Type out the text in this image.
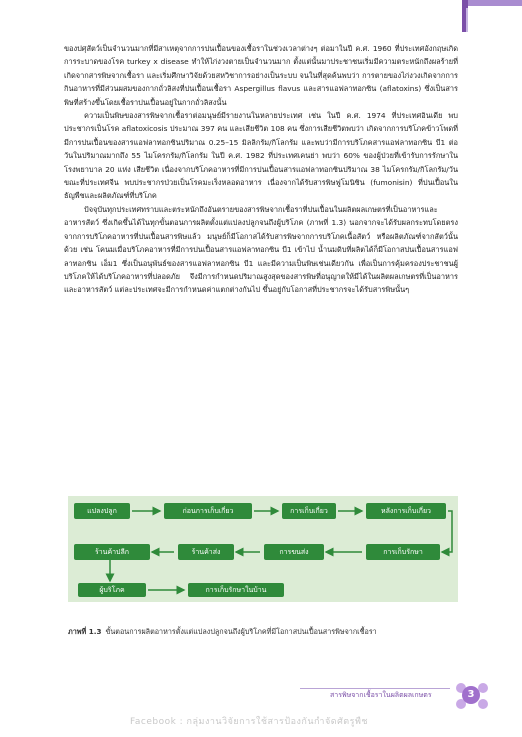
ของปศุสัตว์เป็นจำนวนมากที่มีสาเหตุจากการปนเปื้อนของเชื้อราในช่วงเวลาต่างๆ ต่อมาในปี ค.ศ. 1960 ที่ประเทศอังกฤษเกิดการระบาดของโรค turkey x disease ทำให้ไก่งวงตายเป็นจำนวนมาก ตั้งแต่นั้นมาประชาชนเริ่มมีความตระหนักถึงผลร้ายที่เกิดจากสารพิษจากเชื้อรา และเริ่มศึกษาวิจัยด้วยสหวิชาการอย่างเป็นระบบ จนในที่สุดค้นพบว่า การตายของไก่งวงเกิดจากการกินอาหารที่มีส่วนผสมของกากถั่วลิสงที่ปนเปื้อนเชื้อรา Aspergillus flavus และสารแอฟลาทอกซิน (aflatoxins) ซึ่งเป็นสารพิษที่สร้างขึ้นโดยเชื้อราปนเปื้อนอยู่ในกากถั่วลิสงนั้น

ความเป็นพิษของสารพิษจากเชื้อราต่อมนุษย์มีรายงานในหลายประเทศ เช่น ในปี ค.ศ. 1974 ที่ประเทศอินเดีย พบประชากรเป็นโรค aflatoxicosis ประมาณ 397 คน และเสียชีวิต 108 คน ซึ่งการเสียชีวิตพบว่า เกิดจากการบริโภคข้าวโพดที่มีการปนเปื้อนของสารแอฟลาทอกซินปริมาณ 0.25–15 มิลลิกรัม/กิโลกรัม และพบว่ามีการบริโภคสารแอฟลาทอกซิน บี1 ต่อวันในปริมาณมากถึง 55 ไมโครกรัม/กิโลกรัม ในปี ค.ศ. 1982 ที่ประเทศเคนย่า พบว่า 60% ของผู้ป่วยที่เข้ารับการรักษาในโรงพยาบาล 20 แห่ง เสียชีวิต เนื่องจากบริโภคอาหารที่มีการปนเปื้อนสารแอฟลาทอกซินปริมาณ 38 ไมโครกรัม/กิโลกรัม/วัน ขณะที่ประเทศจีน พบประชากรป่วยเป็นโรคมะเร็งหลอดอาหาร เนื่องจากได้รับสารพิษฟูโมนิซิน (fumonisin) ที่ปนเปื้อนในธัญพืชและผลิตภัณฑ์ที่บริโภค

ปัจจุบันทุกประเทศทราบและตระหนักถึงอันตรายของสารพิษจากเชื้อราที่ปนเปื้อนในผลิตผลเกษตรที่เป็นอาหารและอาหารสัตว์ ซึ่งเกิดขึ้นได้ในทุกขั้นตอนการผลิตตั้งแต่แปลงปลูกจนถึงผู้บริโภค (ภาพที่ 1.3) นอกจากจะได้รับผลกระทบโดยตรงจากการบริโภคอาหารที่ปนเปื้อนสารพิษแล้ว มนุษย์ก็มีโอกาสได้รับสารพิษจากการบริโภคเนื้อสัตว์ หรือผลิตภัณฑ์จากสัตว์นั้นด้วย เช่น โคนมเมื่อบริโภคอาหารที่มีการปนเปื้อนสารแอฟลาทอกซิน บี1 เข้าไป น้ำนมดิบที่ผลิตได้ก็มีโอกาสปนเปื้อนสารแอฟลาทอกซิน เอ็ม1 ซึ่งเป็นอนุพันธ์ของสารแอฟลาทอกซิน บี1 และมีความเป็นพิษเช่นเดียวกัน เพื่อเป็นการคุ้มครองประชาชนผู้บริโภคให้ได้บริโภคอาหารที่ปลอดภัย จึงมีการกำหนดปริมาณสูงสุดของสารพิษที่อนุญาตให้มีได้ในผลิตผลเกษตรที่เป็นอาหารและอาหารสัตว์ แต่ละประเทศจะมีการกำหนดค่าแตกต่างกันไป ขึ้นอยู่กับโอกาสที่ประชากรจะได้รับสารพิษนั้นๆ

แปลงปลูก	ก่อนการเก็บเกี่ยว	การเก็บเกี่ยว	หลังการเก็บเกี่ยว
การเก็บรักษา
การขนส่ง
ร้านค้าส่ง
ร้านค้าปลีก
ผู้บริโภค	การเก็บรักษาในบ้าน
ภาพที่ 1.3 ขั้นตอนการผลิตอาหารตั้งแต่แปลงปลูกจนถึงผู้บริโภคที่มีโอกาสปนเปื้อนสารพิษจากเชื้อรา
สารพิษจากเชื้อราในผลิตผลเกษตร	3
Facebook : กลุ่มงานวิจัยการใช้สารป้องกันกำจัดศัตรูพืช
